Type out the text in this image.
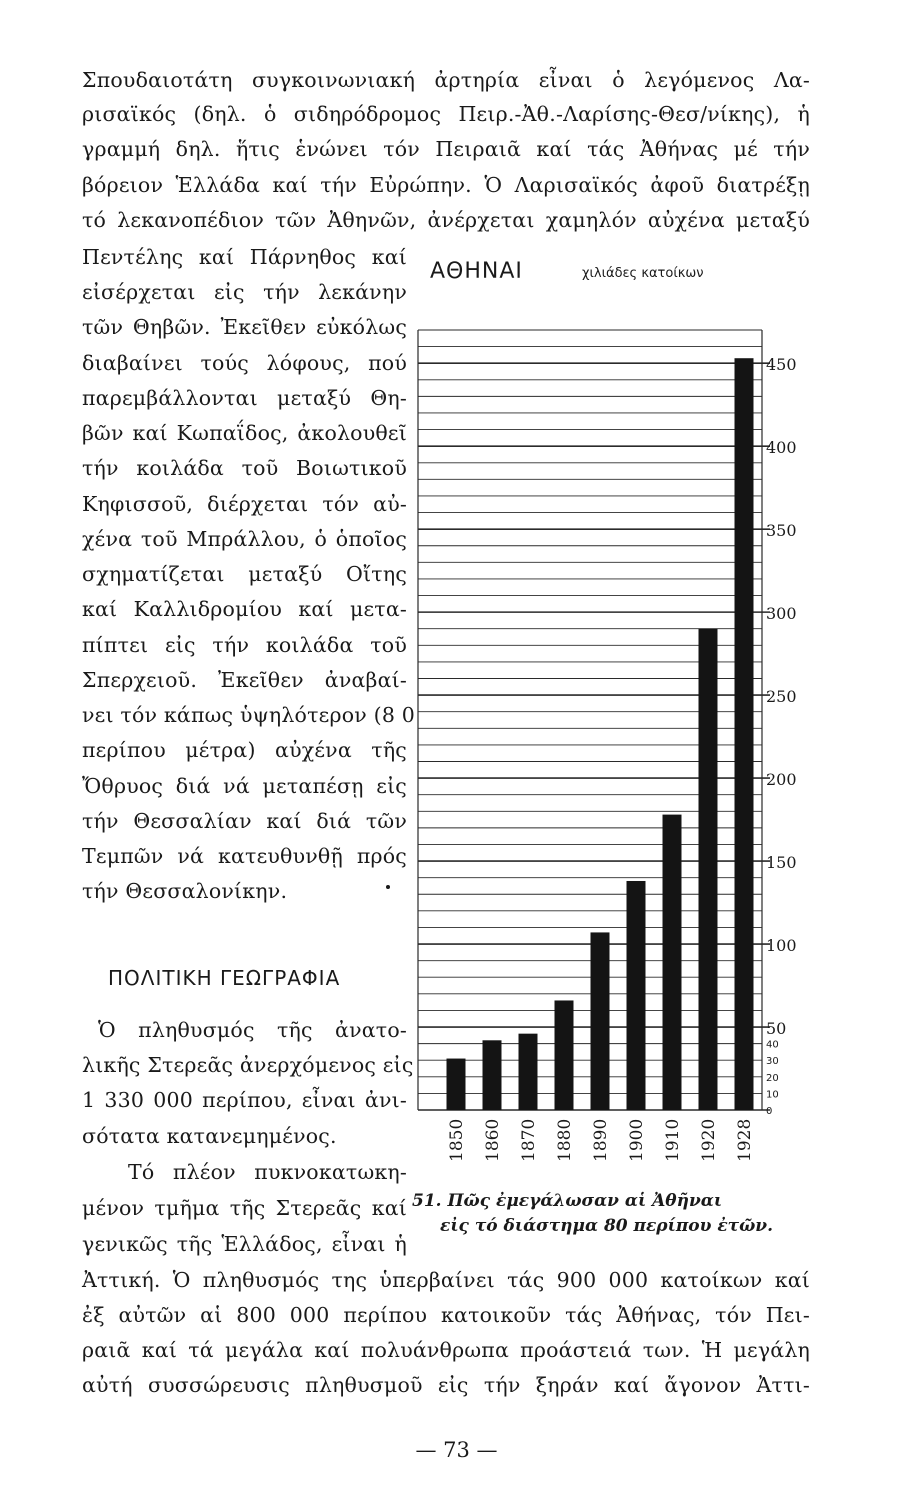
Σπουδαιοτάτη συγκοινωνιακή ἀρτηρία εἶναι ὁ λεγόμενος Λα-
ρισαϊκός (δηλ. ὁ σιδηρόδρομος Πειρ.-Ἀθ.-Λαρίσης-Θεσ/νίκης), ἡ
γραμμή δηλ. ἥτις ἑνώνει τόν Πειραιᾶ καί τάς Ἀθήνας μέ τήν
βόρειον Ἑλλάδα καί τήν Εὐρώπην. Ὁ Λαρισαϊκός ἀφοῦ διατρέξῃ
τό λεκανοπέδιον τῶν Ἀθηνῶν, ἀνέρχεται χαμηλόν αὐχένα μεταξύ
Πεντέλης καί Πάρνηθος καί
εἰσέρχεται εἰς τήν λεκάνην
τῶν Θηβῶν. Ἐκεῖθεν εὐκόλως
διαβαίνει τούς λόφους, πού
παρεμβάλλονται μεταξύ Θη-
βῶν καί Κωπαΐδος, ἀκολουθεῖ
τήν κοιλάδα τοῦ Βοιωτικοῦ
Κηφισσοῦ, διέρχεται τόν αὐ-
χένα τοῦ Μπράλλου, ὁ ὁποῖος
σχηματίζεται μεταξύ Οἴτης
καί Καλλιδρομίου καί μετα-
πίπτει εἰς τήν κοιλάδα τοῦ
Σπερχειοῦ. Ἐκεῖθεν ἀναβαί-
νει τόν κάπως ὑψηλότερον (8 0
περίπου μέτρα) αὐχένα τῆς
Ὄθρυος διά νά μεταπέσῃ εἰς
τήν Θεσσαλίαν καί διά τῶν
Τεμπῶν νά κατευθυνθῇ πρός
τήν Θεσσαλονίκην.
ΠΟΛΙΤΙΚΗ ΓΕΩΓΡΑΦΙΑ
Ὁ πληθυσμός τῆς ἀνατο-
λικῆς Στερεᾶς ἀνερχόμενος εἰς
1 330 000 περίπου, εἶναι ἀνι-
σότατα κατανεμημένος.
Τό πλέον πυκνοκατωκη-
μένον τμῆμα τῆς Στερεᾶς καί
γενικῶς τῆς Ἑλλάδος, εἶναι ἡ
ΑΘΗΝΑΙ	χιλιάδες κατοίκων
50
100
150
200
250
300
350
400
450
40
30
20
10
0
1850 1860 1870 1880 1890 1900 1910 1920 1928
51. Πῶς ἐμεγάλωσαν αἱ Ἀθῆναι
εἰς τό διάστημα 80 περίπου ἐτῶν.
Ἀττική. Ὁ πληθυσμός της ὑπερβαίνει τάς 900 000 κατοίκων καί
ἐξ αὐτῶν αἱ 800 000 περίπου κατοικοῦν τάς Ἀθήνας, τόν Πει-
ραιᾶ καί τά μεγάλα καί πολυάνθρωπα προάστειά των. Ἡ μεγάλη
αὐτή συσσώρευσις πληθυσμοῦ εἰς τήν ξηράν καί ἄγονον Ἀττι-
— 73 —
